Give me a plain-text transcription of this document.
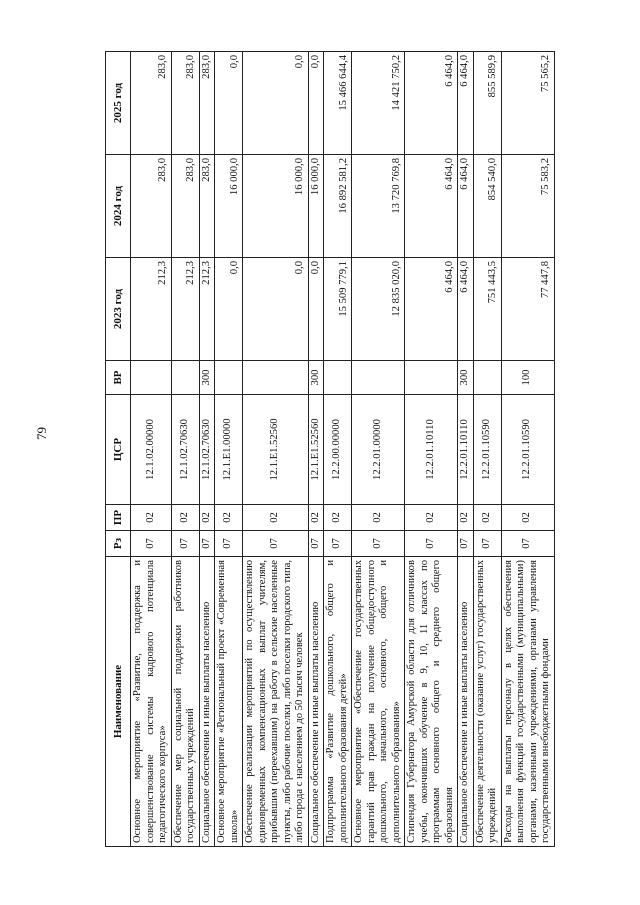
79
Наименование	Рз	ПР	ЦСР	ВР	2023 год	2024 год	2025 год
Основное мероприятие «Развитие, поддержка и совершенствование системы кадрового потенциала педагогического корпуса»	07	02	12.1.02.00000		212,3	283,0	283,0
Обеспечение мер социальной поддержки работников государственных учреждений	07	02	12.1.02.70630		212,3	283,0	283,0
Социальное обеспечение и иные выплаты населению	07	02	12.1.02.70630	300	212,3	283,0	283,0
Основное мероприятие «Региональный проект «Современная школа»	07	02	12.1.E1.00000		0,0	16 000,0	0,0
Обеспечение реализации мероприятий по осуществлению единовременных компенсационных выплат учителям, прибывшим (переехавшим) на работу в сельские населенные пункты, либо рабочие поселки, либо поселки городского типа, либо города с населением до 50 тысяч человек	07	02	12.1.E1.52560		0,0	16 000,0	0,0
Социальное обеспечение и иные выплаты населению	07	02	12.1.E1.52560	300	0,0	16 000,0	0,0
Подпрограмма «Развитие дошкольного, общего и дополнительного образования детей»	07	02	12.2.00.00000		15 509 779,1	16 892 581,2	15 466 644,4
Основное мероприятие «Обеспечение государственных гарантий прав граждан на получение общедоступного дошкольного, начального, основного, общего и дополнительного образования»	07	02	12.2.01.00000		12 835 020,0	13 720 769,8	14 421 750,2
Стипендия Губернатора Амурской области для отличников учебы, окончивших обучение в 9, 10, 11 классах по программам основного общего и среднего общего образования	07	02	12.2.01.10110		6 464,0	6 464,0	6 464,0
Социальное обеспечение и иные выплаты населению	07	02	12.2.01.10110	300	6 464,0	6 464,0	6 464,0
Обеспечение деятельности (оказание услуг) государственных учреждений	07	02	12.2.01.10590		751 443,5	854 540,0	855 589,9
Расходы на выплаты персоналу в целях обеспечения выполнения функций государственными (муниципальными) органами, казенными учреждениями, органами управления государственными внебюджетными фондами	07	02	12.2.01.10590	100	77 447,8	75 583,2	75 565,2
